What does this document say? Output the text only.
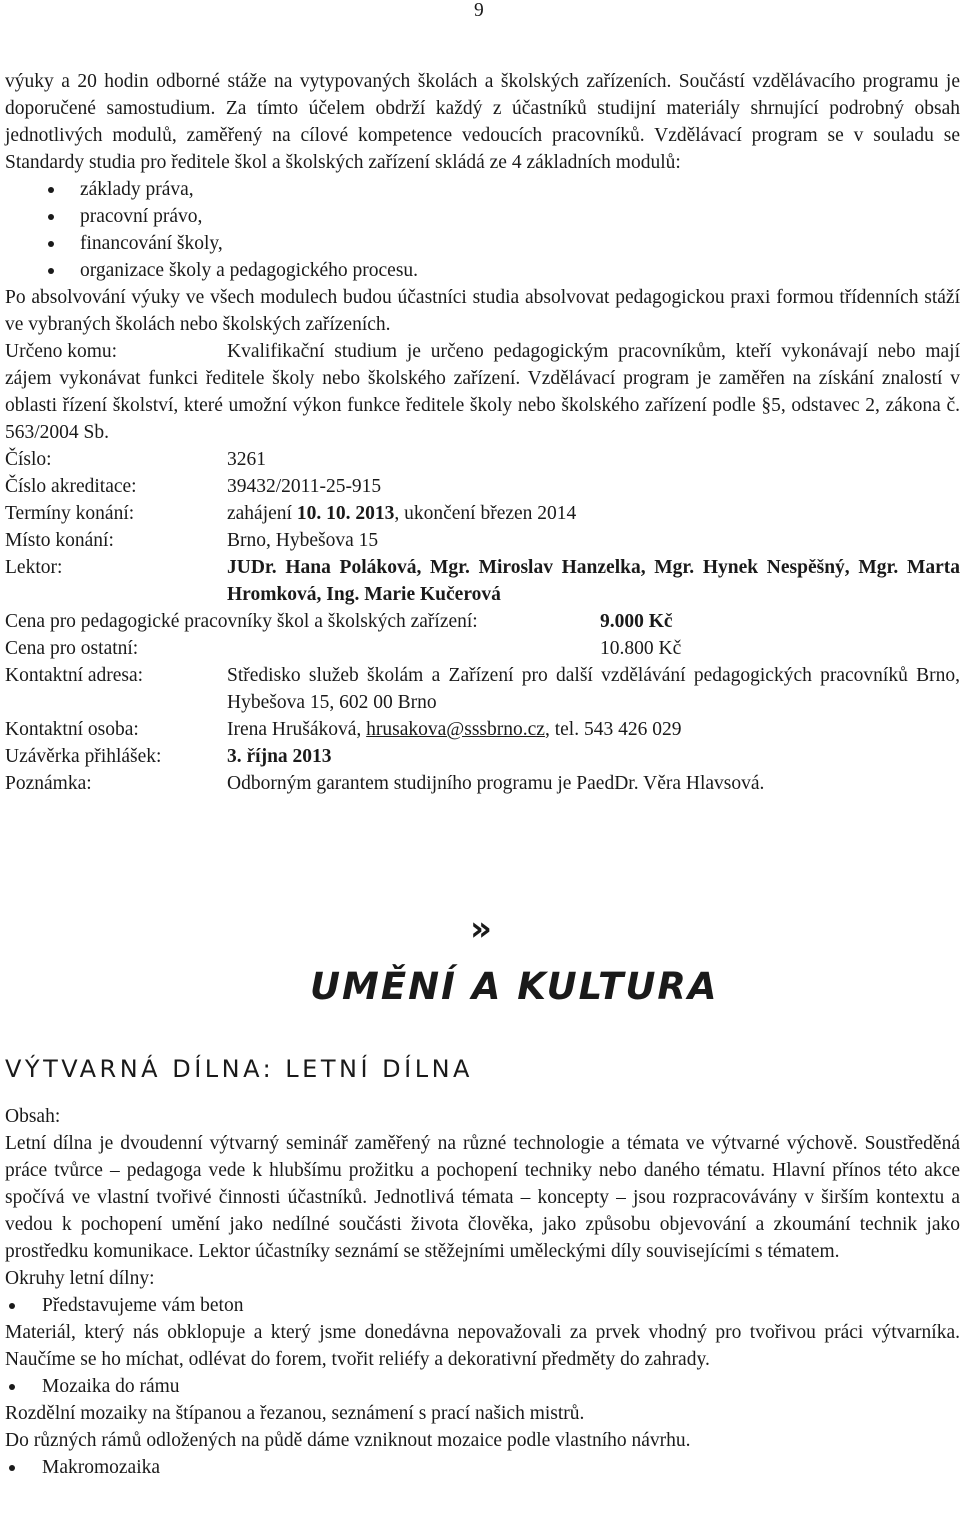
9

výuky a 20 hodin odborné stáže na vytypovaných školách a školských zařízeních. Součástí vzdělávacího programu je doporučené samostudium. Za tímto účelem obdrží každý z účastníků studijní materiály shrnující podrobný obsah jednotlivých modulů, zaměřený na cílové kompetence vedoucích pracovníků. Vzdělávací program se v souladu se Standardy studia pro ředitele škol a školských zařízení skládá ze 4 základních modulů:

základy práva,
pracovní právo,
financování školy,
organizace školy a pedagogického procesu.

Po absolvování výuky ve všech modulech budou účastníci studia absolvovat pedagogickou praxi formou třídenních stáží ve vybraných školách nebo školských zařízeních.

Určeno komu:	Kvalifikační studium je určeno pedagogickým pracovníkům, kteří vykonávají nebo mají zájem vykonávat funkci ředitele školy nebo školského zařízení. Vzdělávací program je zaměřen na získání znalostí v oblasti řízení školství, které umožní výkon funkce ředitele školy nebo školského zařízení podle §5, odstavec 2, zákona č. 563/2004 Sb.

Číslo:	3261
Číslo akreditace:	39432/2011-25-915
Termíny konání:	zahájení 10. 10. 2013, ukončení březen 2014
Místo konání:	Brno, Hybešova 15
Lektor:	JUDr. Hana Poláková, Mgr. Miroslav Hanzelka, Mgr. Hynek Nespěšný, Mgr. Marta Hromková, Ing. Marie Kučerová
Cena pro pedagogické pracovníky škol a školských zařízení:	9.000 Kč
Cena pro ostatní:	10.800 Kč
Kontaktní adresa:	Středisko služeb školám a Zařízení pro další vzdělávání pedagogických pracovníků Brno, Hybešova 15, 602 00 Brno
Kontaktní osoba:	Irena Hrušáková, hrusakova@sssbrno.cz, tel. 543 426 029
Uzávěrka přihlášek:	3. října 2013
Poznámka:	Odborným garantem studijního programu je PaedDr. Věra Hlavsová.
»
UMĚNÍ A KULTURA
VÝTVARNÁ DÍLNA: LETNÍ DÍLNA

Obsah:

Letní dílna je dvoudenní výtvarný seminář zaměřený na různé technologie a témata ve výtvarné výchově. Soustředěná práce tvůrce – pedagoga vede k hlubšímu prožitku a pochopení techniky nebo daného tématu. Hlavní přínos této akce spočívá ve vlastní tvořivé činnosti účastníků. Jednotlivá témata – koncepty – jsou rozpracovávány v širším kontextu a vedou k pochopení umění jako nedílné součásti života člověka, jako způsobu objevování a zkoumání technik jako prostředku komunikace. Lektor účastníky seznámí se stěžejními uměleckými díly souvisejícími s tématem.

Okruhy letní dílny:

Představujeme vám beton

Materiál, který nás obklopuje a který jsme donedávna nepovažovali za prvek vhodný pro tvořivou práci výtvarníka. Naučíme se ho míchat, odlévat do forem, tvořit reliéfy a dekorativní předměty do zahrady.

Mozaika do rámu

Rozdělní mozaiky na štípanou a řezanou, seznámení s prací našich mistrů.

Do různých rámů odložených na půdě dáme vzniknout mozaice podle vlastního návrhu.

Makromozaika
